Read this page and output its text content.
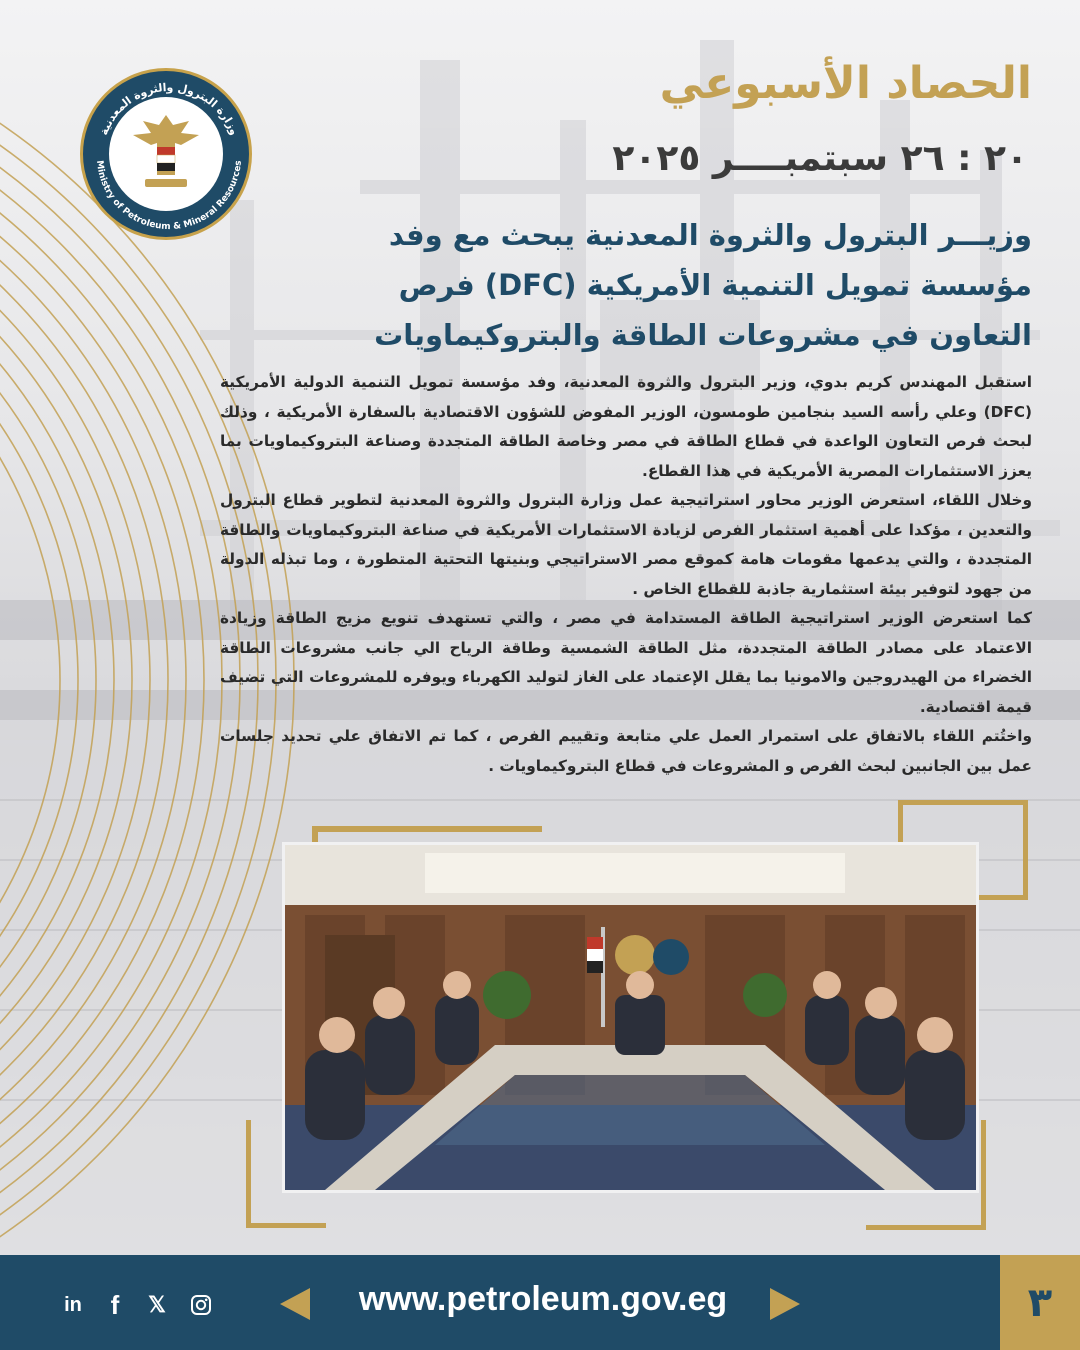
وزارة البترول والثروة المعدنية
Ministry of Petroleum & Mineral Resources
الحصاد الأسبوعي
٢٠ : ٢٦ سبتمبــــر ٢٠٢٥
وزيـــر البترول والثروة المعدنية يبحث مع وفد مؤسسة تمويل التنمية الأمريكية (DFC) فرص التعاون في مشروعات الطاقة والبتروكيماويات

استقبل المهندس كريم بدوي، وزير البترول والثروة المعدنية، وفد مؤسسة تمويل التنمية الدولية الأمريكية (DFC) وعلي رأسه السيد بنجامين طومسون، الوزير المفوض للشؤون الاقتصادية بالسفارة الأمريكية ، وذلك لبحث فرص التعاون الواعدة في قطاع الطاقة في مصر وخاصة الطاقة المتجددة وصناعة البتروكيماويات بما يعزز الاستثمارات المصرية الأمريكية في هذا القطاع.

وخلال اللقاء، استعرض الوزير محاور استراتيجية عمل وزارة البترول والثروة المعدنية لتطوير قطاع البترول والتعدين ، مؤكدا على أهمية استثمار الفرص لزيادة الاستثمارات الأمريكية في صناعة البتروكيماويات والطاقة المتجددة ، والتي يدعمها مقومات هامة كموقع مصر الاستراتيجي وبنيتها التحتية المتطورة ، وما تبذله الدولة من جهود لتوفير بيئة استثمارية جاذبة للقطاع الخاص .

كما استعرض الوزير استراتيجية الطاقة المستدامة في مصر ، والتي تستهدف تنويع مزيج الطاقة وزيادة الاعتماد على مصادر الطاقة المتجددة، مثل الطاقة الشمسية وطاقة الرياح الي جانب مشروعات الطاقة الخضراء من الهيدروجين والامونيا بما يقلل الإعتماد على الغاز لتوليد الكهرباء ويوفره للمشروعات التي تضيف قيمة اقتصادية.

واختُتم اللقاء بالاتفاق على استمرار العمل علي متابعة وتقييم الفرص ، كما تم الاتفاق علي تحديد جلسات عمل بين الجانبين لبحث الفرص و المشروعات في قطاع البتروكيماويات .

٣
www.petroleum.gov.eg
in	f	𝕏
